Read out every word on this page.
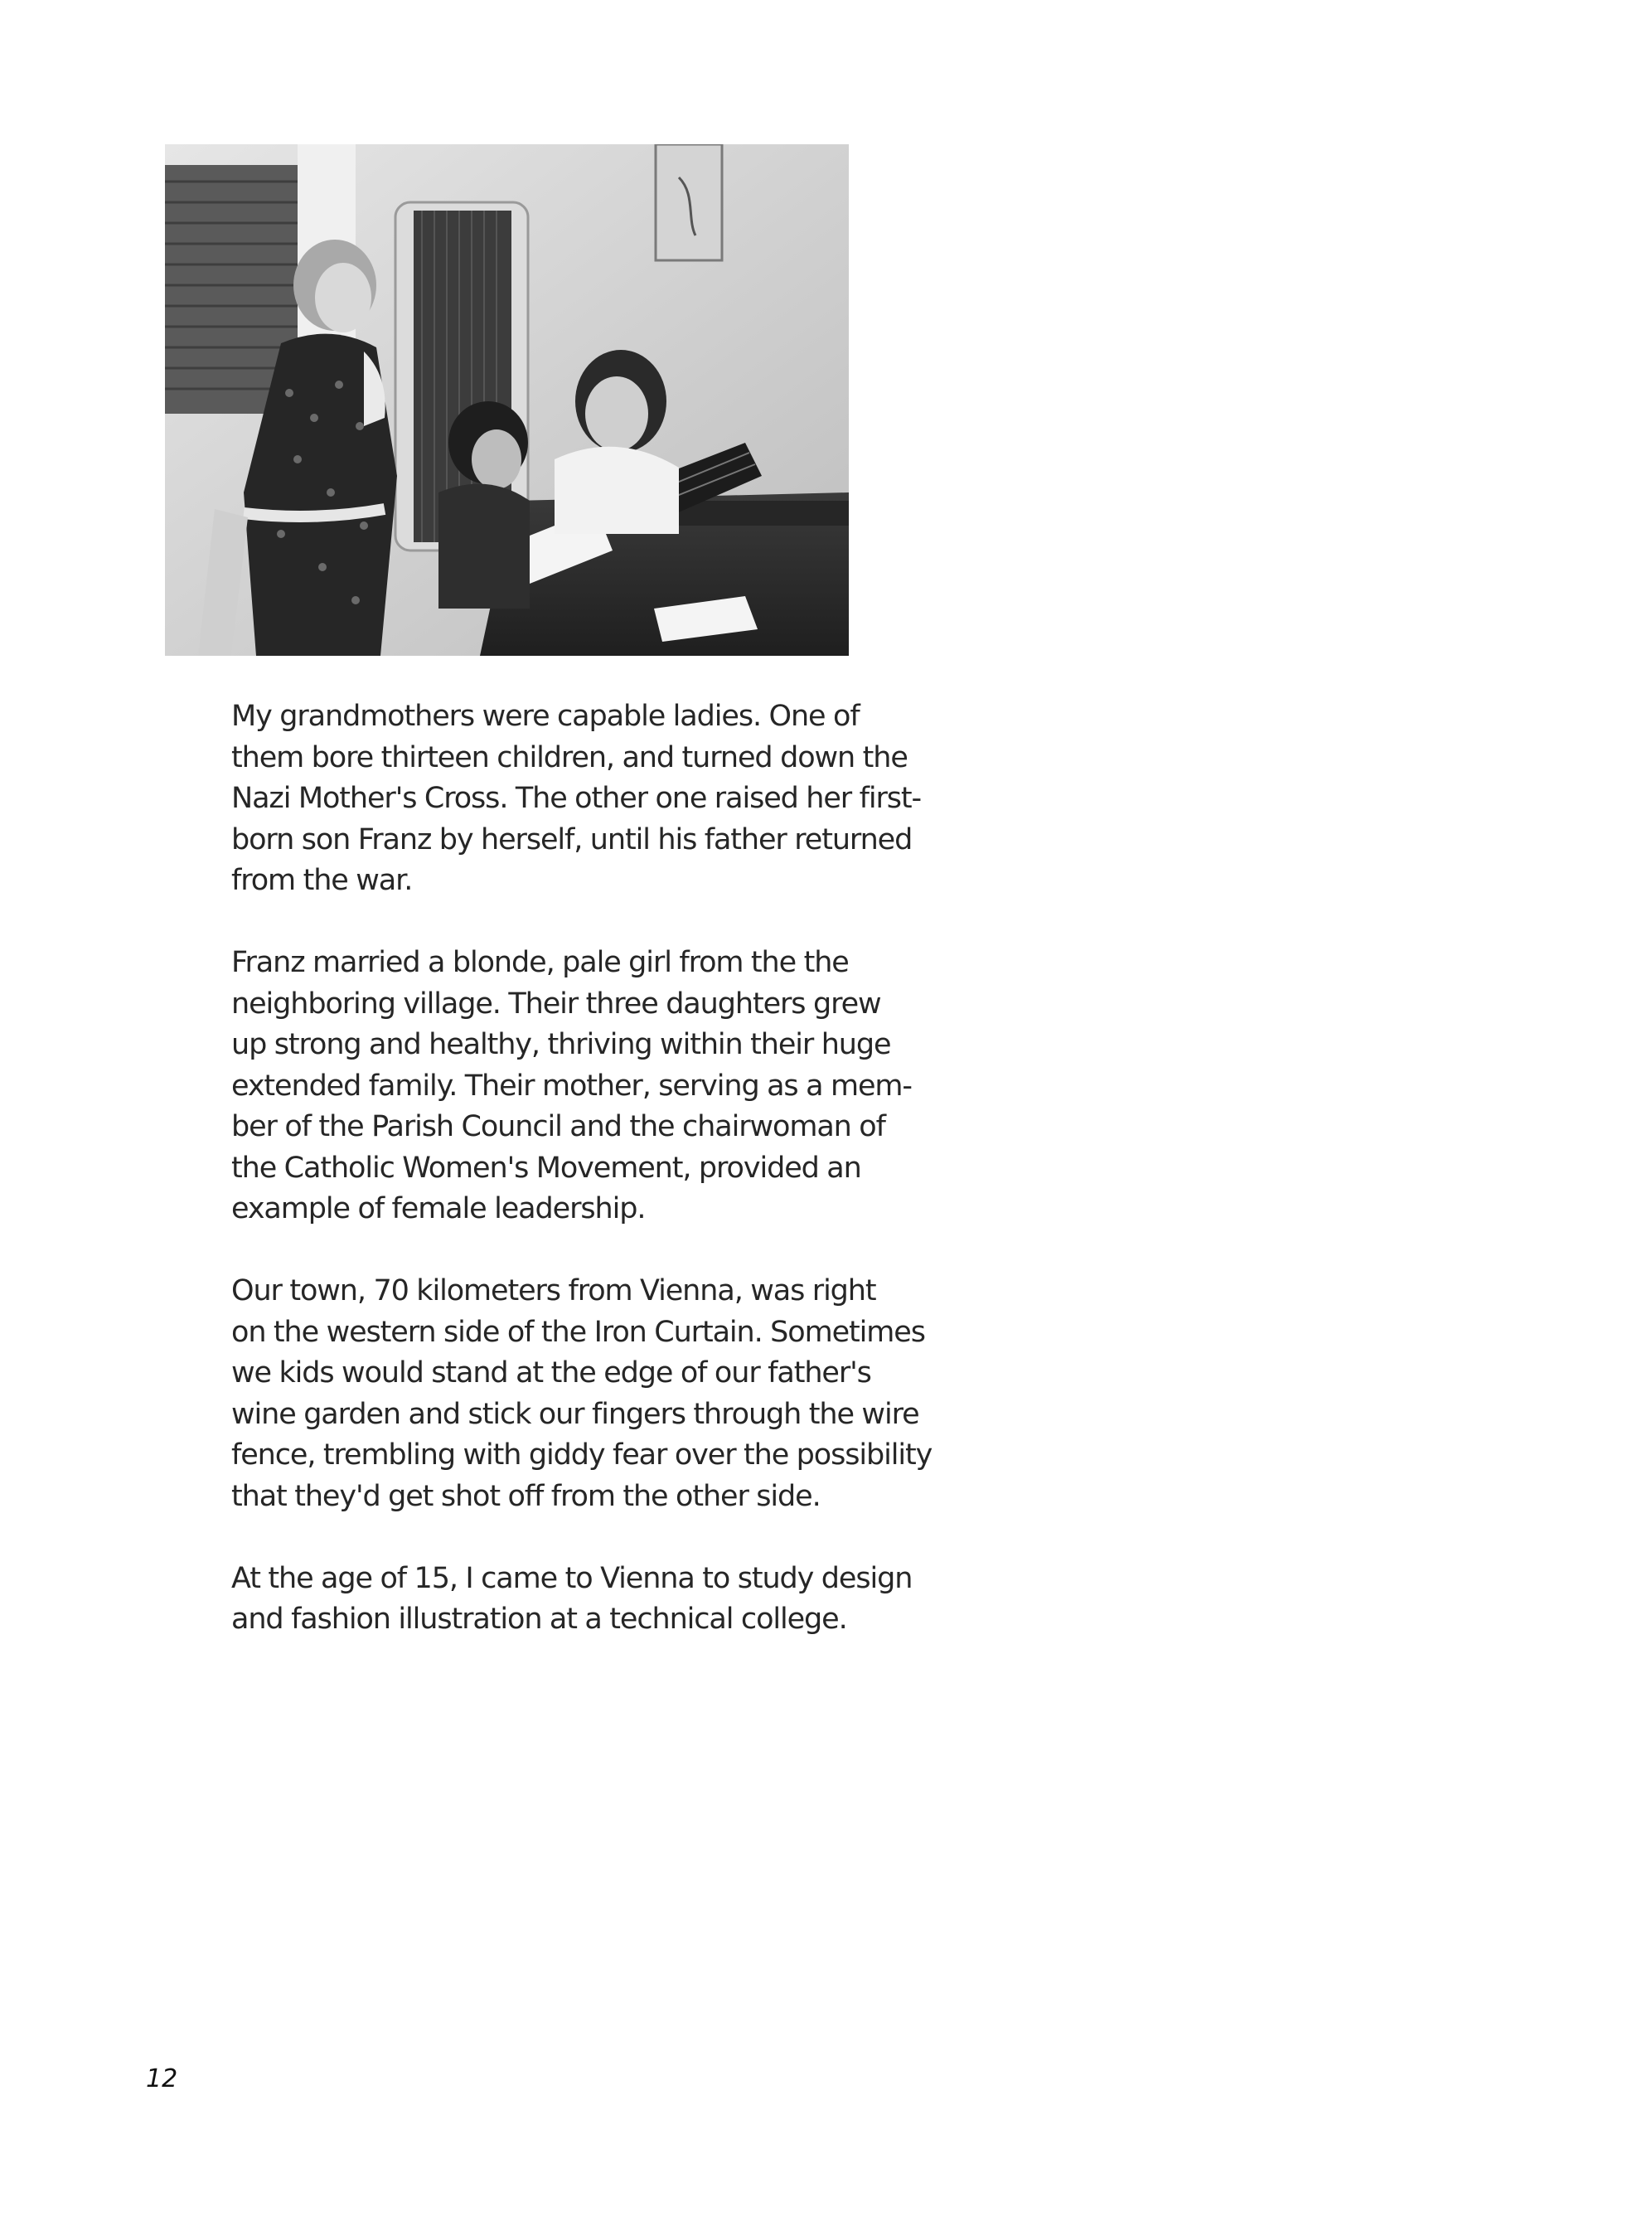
My grandmothers were capable ladies. One of
them bore thirteen children, and turned down the
Nazi Mother's Cross. The other one raised her first-
born son Franz by herself, until his father returned
from the war.

Franz married a blonde, pale girl from the the
neighboring village. Their three daughters grew
up strong and healthy, thriving within their huge
extended family. Their mother, serving as a mem-
ber of the Parish Council and the chairwoman of
the Catholic Women's Movement, provided an
example of female leadership.

Our town, 70 kilometers from Vienna, was right
on the western side of the Iron Curtain. Sometimes
we kids would stand at the edge of our father's
wine garden and stick our fingers through the wire
fence, trembling with giddy fear over the possibility
that they'd get shot off from the other side.

At the age of 15, I came to Vienna to study design
and fashion illustration at a technical college.

12
